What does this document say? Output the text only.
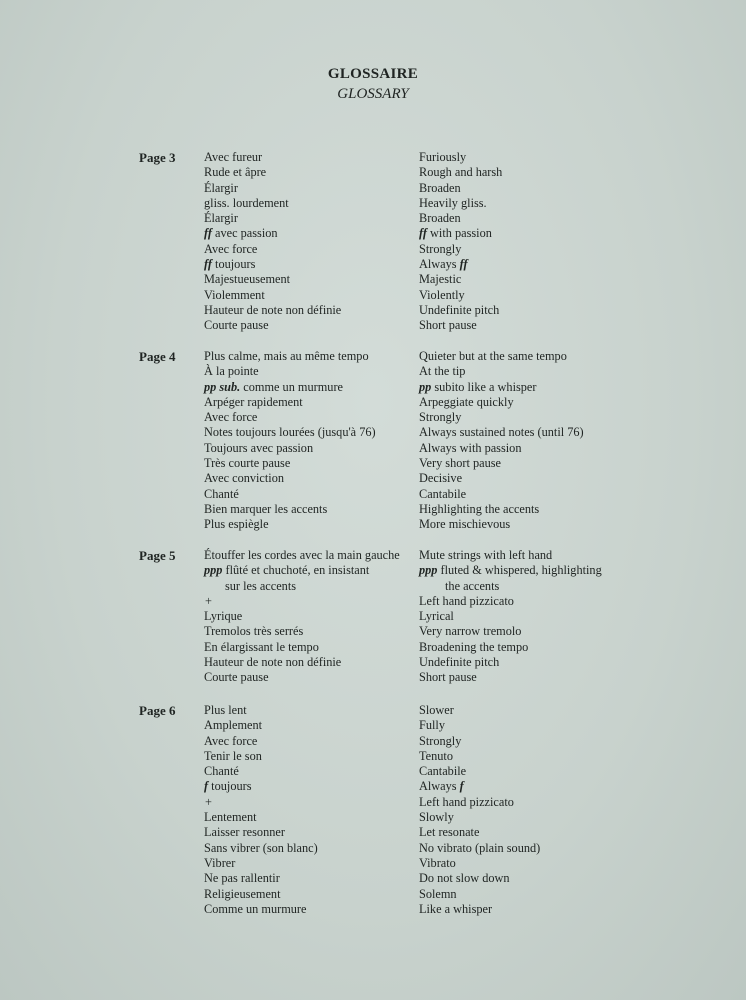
GLOSSAIRE
GLOSSARY
Page 3 Avec fureur
Rude et âpre
Élargir
gliss. lourdement
Élargir
ff avec passion
Avec force
ff toujours
Majestueusement
Violemment
Hauteur de note non définie
Courte pause
Furiously
Rough and harsh
Broaden
Heavily gliss.
Broaden
ff with passion
Strongly
Always ff
Majestic
Violently
Undefinite pitch
Short pause
Page 4 Plus calme, mais au même tempo
À la pointe
pp sub. comme un murmure
Arpéger rapidement
Avec force
Notes toujours lourées (jusqu'à 76)
Toujours avec passion
Très courte pause
Avec conviction
Chanté
Bien marquer les accents
Plus espiègle
Quieter but at the same tempo
At the tip
pp subito like a whisper
Arpeggiate quickly
Strongly
Always sustained notes (until 76)
Always with passion
Very short pause
Decisive
Cantabile
Highlighting the accents
More mischievous
Page 5 Étouffer les cordes avec la main gauche
ppp flûté et chuchoté, en insistant
sur les accents
+
Lyrique
Tremolos très serrés
En élargissant le tempo
Hauteur de note non définie
Courte pause
Mute strings with left hand
ppp fluted & whispered, highlighting
the accents
Left hand pizzicato
Lyrical
Very narrow tremolo
Broadening the tempo
Undefinite pitch
Short pause
Page 6 Plus lent
Amplement
Avec force
Tenir le son
Chanté
f toujours
+
Lentement
Laisser resonner
Sans vibrer (son blanc)
Vibrer
Ne pas rallentir
Religieusement
Comme un murmure
Slower
Fully
Strongly
Tenuto
Cantabile
Always f
Left hand pizzicato
Slowly
Let resonate
No vibrato (plain sound)
Vibrato
Do not slow down
Solemn
Like a whisper
